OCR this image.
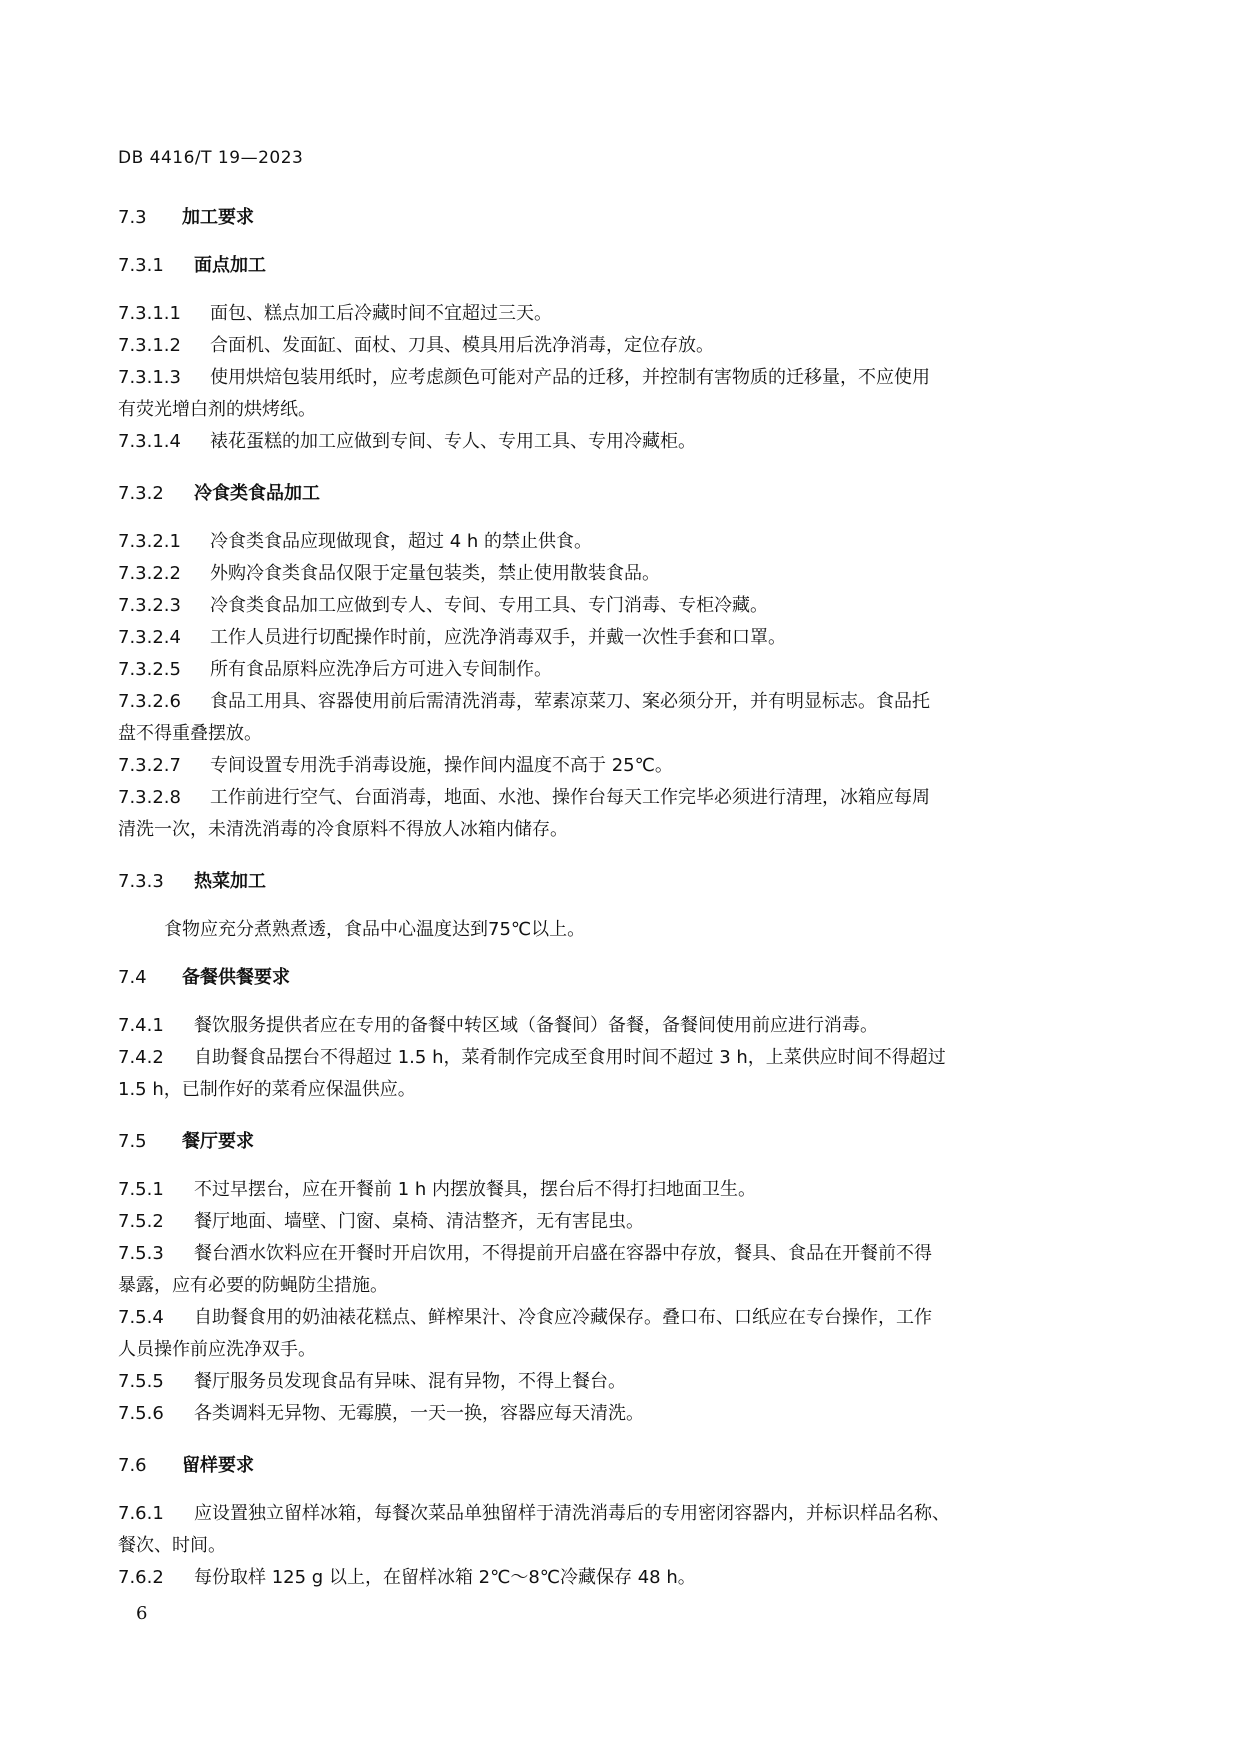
DB 4416/T 19—2023
7.3 加工要求
7.3.1 面点加工
7.3.1.1 面包、糕点加工后冷藏时间不宜超过三天。
7.3.1.2 合面机、发面缸、面杖、刀具、模具用后洗净消毒，定位存放。
7.3.1.3 使用烘焙包装用纸时，应考虑颜色可能对产品的迁移，并控制有害物质的迁移量，不应使用
有荧光增白剂的烘烤纸。
7.3.1.4 裱花蛋糕的加工应做到专间、专人、专用工具、专用冷藏柜。
7.3.2 冷食类食品加工
7.3.2.1 冷食类食品应现做现食，超过 4 h 的禁止供食。
7.3.2.2 外购冷食类食品仅限于定量包装类，禁止使用散装食品。
7.3.2.3 冷食类食品加工应做到专人、专间、专用工具、专门消毒、专柜冷藏。
7.3.2.4 工作人员进行切配操作时前，应洗净消毒双手，并戴一次性手套和口罩。
7.3.2.5 所有食品原料应洗净后方可进入专间制作。
7.3.2.6 食品工用具、容器使用前后需清洗消毒，荤素凉菜刀、案必须分开，并有明显标志。食品托
盘不得重叠摆放。
7.3.2.7 专间设置专用洗手消毒设施，操作间内温度不高于 25℃。
7.3.2.8 工作前进行空气、台面消毒，地面、水池、操作台每天工作完毕必须进行清理，冰箱应每周
清洗一次，未清洗消毒的冷食原料不得放人冰箱内储存。
7.3.3 热菜加工
食物应充分煮熟煮透，食品中心温度达到75℃以上。
7.4 备餐供餐要求
7.4.1 餐饮服务提供者应在专用的备餐中转区域（备餐间）备餐，备餐间使用前应进行消毒。
7.4.2 自助餐食品摆台不得超过 1.5 h，菜肴制作完成至食用时间不超过 3 h，上菜供应时间不得超过
1.5 h，已制作好的菜肴应保温供应。
7.5 餐厅要求
7.5.1 不过早摆台，应在开餐前 1 h 内摆放餐具，摆台后不得打扫地面卫生。
7.5.2 餐厅地面、墙壁、门窗、桌椅、清洁整齐，无有害昆虫。
7.5.3 餐台酒水饮料应在开餐时开启饮用，不得提前开启盛在容器中存放，餐具、食品在开餐前不得
暴露，应有必要的防蝇防尘措施。
7.5.4 自助餐食用的奶油裱花糕点、鲜榨果汁、冷食应冷藏保存。叠口布、口纸应在专台操作，工作
人员操作前应洗净双手。
7.5.5 餐厅服务员发现食品有异味、混有异物，不得上餐台。
7.5.6 各类调料无异物、无霉膜，一天一换，容器应每天清洗。
7.6 留样要求
7.6.1 应设置独立留样冰箱，每餐次菜品单独留样于清洗消毒后的专用密闭容器内，并标识样品名称、
餐次、时间。
7.6.2 每份取样 125 g 以上，在留样冰箱 2℃～8℃冷藏保存 48 h。
6
